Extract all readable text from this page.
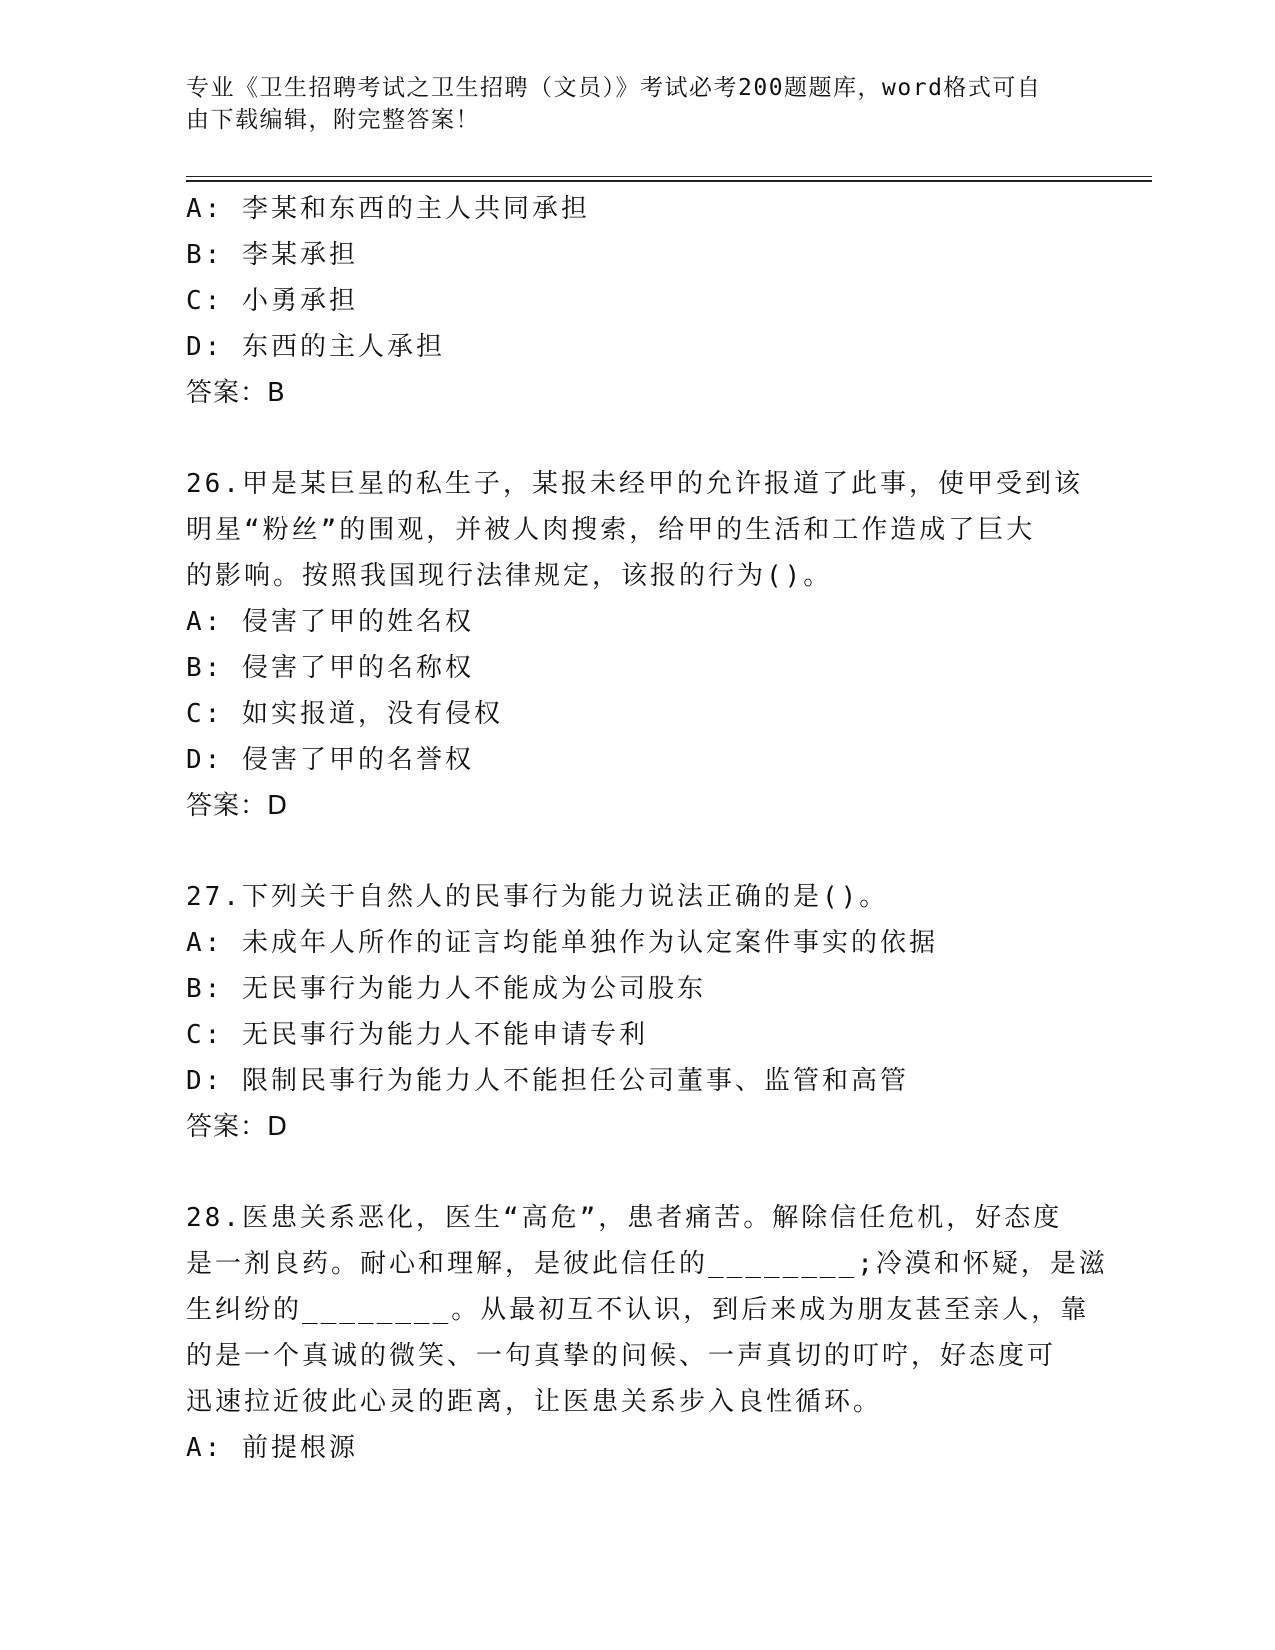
专业《卫生招聘考试之卫生招聘（文员）》考试必考200题题库，word格式可自
由下载编辑，附完整答案！
A: 李某和东西的主人共同承担
B: 李某承担
C: 小勇承担
D: 东西的主人承担
答案：B
26.甲是某巨星的私生子，某报未经甲的允许报道了此事，使甲受到该
明星“粉丝”的围观，并被人肉搜索，给甲的生活和工作造成了巨大
的影响。按照我国现行法律规定，该报的行为()。
A: 侵害了甲的姓名权
B: 侵害了甲的名称权
C: 如实报道，没有侵权
D: 侵害了甲的名誉权
答案：D
27.下列关于自然人的民事行为能力说法正确的是()。
A: 未成年人所作的证言均能单独作为认定案件事实的依据
B: 无民事行为能力人不能成为公司股东
C: 无民事行为能力人不能申请专利
D: 限制民事行为能力人不能担任公司董事、监管和高管
答案：D
28.医患关系恶化，医生“高危”，患者痛苦。解除信任危机，好态度
是一剂良药。耐心和理解，是彼此信任的________;冷漠和怀疑，是滋
生纠纷的________。从最初互不认识，到后来成为朋友甚至亲人，靠
的是一个真诚的微笑、一句真挚的问候、一声真切的叮咛，好态度可
迅速拉近彼此心灵的距离，让医患关系步入良性循环。
A: 前提根源
